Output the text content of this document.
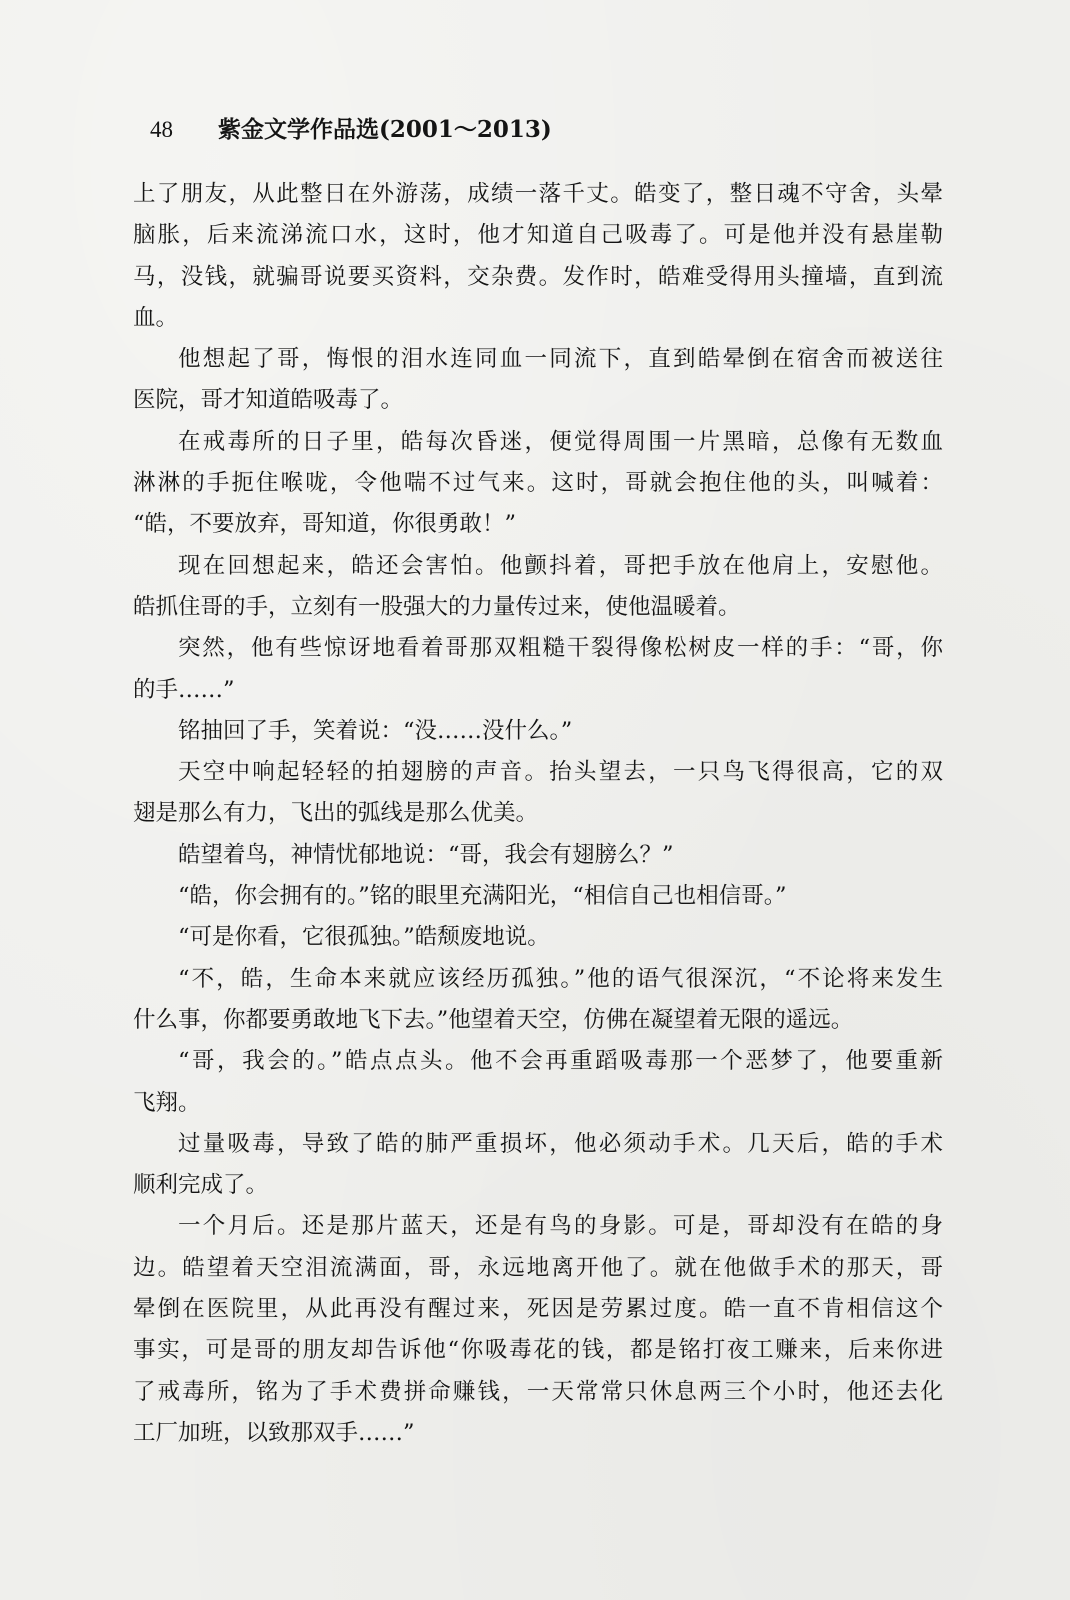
48 紫金文学作品选(2001～2013)
上了朋友，从此整日在外游荡，成绩一落千丈。皓变了，整日魂不守舍，头晕
脑胀，后来流涕流口水，这时，他才知道自己吸毒了。可是他并没有悬崖勒
马，没钱，就骗哥说要买资料，交杂费。发作时，皓难受得用头撞墙，直到流
血。
他想起了哥，悔恨的泪水连同血一同流下，直到皓晕倒在宿舍而被送往
医院，哥才知道皓吸毒了。
在戒毒所的日子里，皓每次昏迷，便觉得周围一片黑暗，总像有无数血
淋淋的手扼住喉咙，令他喘不过气来。这时，哥就会抱住他的头，叫喊着：
“皓，不要放弃，哥知道，你很勇敢！”
现在回想起来，皓还会害怕。他颤抖着，哥把手放在他肩上，安慰他。
皓抓住哥的手，立刻有一股强大的力量传过来，使他温暖着。
突然，他有些惊讶地看着哥那双粗糙干裂得像松树皮一样的手：“哥，你
的手……”
铭抽回了手，笑着说：“没……没什么。”
天空中响起轻轻的拍翅膀的声音。抬头望去，一只鸟飞得很高，它的双
翅是那么有力，飞出的弧线是那么优美。
皓望着鸟，神情忧郁地说：“哥，我会有翅膀么？”
“皓，你会拥有的。”铭的眼里充满阳光，“相信自己也相信哥。”
“可是你看，它很孤独。”皓颓废地说。
“不，皓，生命本来就应该经历孤独。”他的语气很深沉，“不论将来发生
什么事，你都要勇敢地飞下去。”他望着天空，仿佛在凝望着无限的遥远。
“哥，我会的。”皓点点头。他不会再重蹈吸毒那一个恶梦了，他要重新
飞翔。
过量吸毒，导致了皓的肺严重损坏，他必须动手术。几天后，皓的手术
顺利完成了。
一个月后。还是那片蓝天，还是有鸟的身影。可是，哥却没有在皓的身
边。皓望着天空泪流满面，哥，永远地离开他了。就在他做手术的那天，哥
晕倒在医院里，从此再没有醒过来，死因是劳累过度。皓一直不肯相信这个
事实，可是哥的朋友却告诉他“你吸毒花的钱，都是铭打夜工赚来，后来你进
了戒毒所，铭为了手术费拼命赚钱，一天常常只休息两三个小时，他还去化
工厂加班，以致那双手……”
